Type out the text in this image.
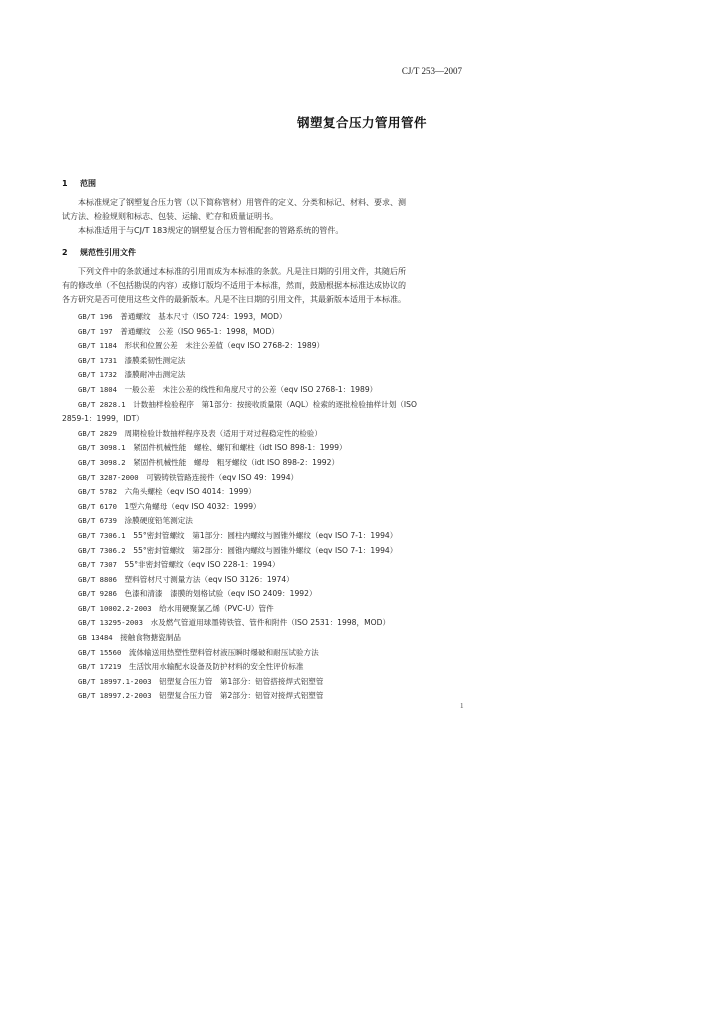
CJ/T 253—2007
钢塑复合压力管用管件
1 范围
本标准规定了钢塑复合压力管（以下简称管材）用管件的定义、分类和标记、材料、要求、测
试方法、检验规则和标志、包装、运输、贮存和质量证明书。
本标准适用于与CJ/T 183规定的钢塑复合压力管相配套的管路系统的管件。
2 规范性引用文件
下列文件中的条款通过本标准的引用而成为本标准的条款。凡是注日期的引用文件，其随后所
有的修改单（不包括勘误的内容）或修订版均不适用于本标准，然而，鼓励根据本标准达成协议的
各方研究是否可使用这些文件的最新版本。凡是不注日期的引用文件，其最新版本适用于本标准。
GB/T 196  普通螺纹　基本尺寸（ISO 724：1993，MOD）
GB/T 197  普通螺纹　公差（ISO 965-1：1998，MOD）
GB/T 1184  形状和位置公差　未注公差值（eqv ISO 2768-2：1989）
GB/T 1731  漆膜柔韧性测定法
GB/T 1732  漆膜耐冲击测定法
GB/T 1804  一般公差　未注公差的线性和角度尺寸的公差（eqv ISO 2768-1：1989）
GB/T 2828.1  计数抽样检验程序　第1部分：按接收质量限（AQL）检索的逐批检验抽样计划（ISO
2859-1：1999，IDT）
GB/T 2829  周期检验计数抽样程序及表（适用于对过程稳定性的检验）
GB/T 3098.1  紧固件机械性能　螺栓、螺钉和螺柱（idt ISO 898-1：1999）
GB/T 3098.2  紧固件机械性能　螺母　粗牙螺纹（idt ISO 898-2：1992）
GB/T 3287-2000  可锻铸铁管路连接件（eqv ISO 49：1994）
GB/T 5782  六角头螺栓（eqv ISO 4014：1999）
GB/T 6170  1型六角螺母（eqv ISO 4032：1999）
GB/T 6739  涂膜硬度铅笔测定法
GB/T 7306.1  55°密封管螺纹　第1部分：圆柱内螺纹与圆锥外螺纹（eqv ISO 7-1：1994）
GB/T 7306.2  55°密封管螺纹　第2部分：圆锥内螺纹与圆锥外螺纹（eqv ISO 7-1：1994）
GB/T 7307  55°非密封管螺纹（eqv ISO 228-1：1994）
GB/T 8806  塑料管材尺寸测量方法（eqv ISO 3126：1974）
GB/T 9286  色漆和清漆　漆膜的划格试验（eqv ISO 2409：1992）
GB/T 10002.2-2003  给水用硬聚氯乙烯（PVC-U）管件
GB/T 13295-2003  水及燃气管道用球墨铸铁管、管件和附件（ISO 2531：1998，MOD）
GB 13484  接触食物搪瓷制品
GB/T 15560  流体输送用热塑性塑料管材液压瞬时爆破和耐压试验方法
GB/T 17219  生活饮用水输配水设备及防护材料的安全性评价标准
GB/T 18997.1-2003  铝塑复合压力管　第1部分：铝管搭接焊式铝塑管
GB/T 18997.2-2003  铝塑复合压力管　第2部分：铝管对接焊式铝塑管
1
